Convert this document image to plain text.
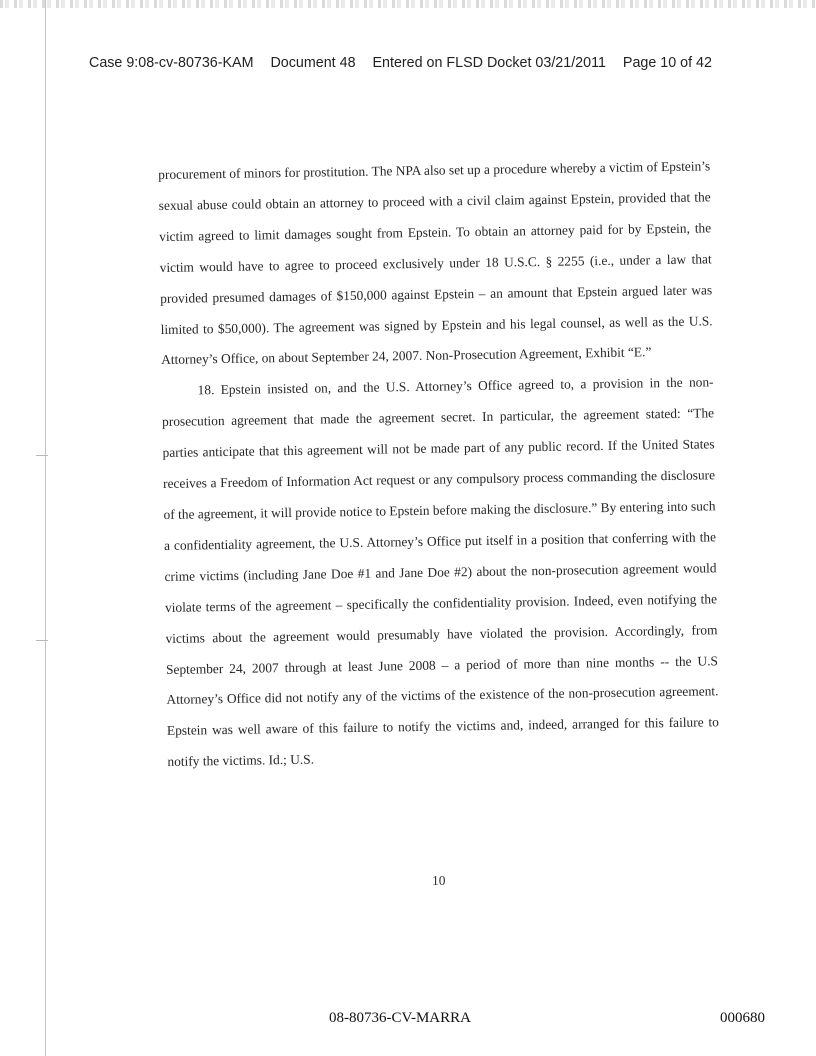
Case 9:08-cv-80736-KAM Document 48 Entered on FLSD Docket 03/21/2011 Page 10 of 42

procurement of minors for prostitution. The NPA also set up a procedure whereby a victim of Epstein’s sexual abuse could obtain an attorney to proceed with a civil claim against Epstein, provided that the victim agreed to limit damages sought from Epstein. To obtain an attorney paid for by Epstein, the victim would have to agree to proceed exclusively under 18 U.S.C. § 2255 (i.e., under a law that provided presumed damages of $150,000 against Epstein – an amount that Epstein argued later was limited to $50,000). The agreement was signed by Epstein and his legal counsel, as well as the U.S. Attorney’s Office, on about September 24, 2007. Non-Prosecution Agreement, Exhibit “E.”

18. Epstein insisted on, and the U.S. Attorney’s Office agreed to, a provision in the non-prosecution agreement that made the agreement secret. In particular, the agreement stated: “The parties anticipate that this agreement will not be made part of any public record. If the United States receives a Freedom of Information Act request or any compulsory process commanding the disclosure of the agreement, it will provide notice to Epstein before making the disclosure.” By entering into such a confidentiality agreement, the U.S. Attorney’s Office put itself in a position that conferring with the crime victims (including Jane Doe #1 and Jane Doe #2) about the non-prosecution agreement would violate terms of the agreement – specifically the confidentiality provision. Indeed, even notifying the victims about the agreement would presumably have violated the provision. Accordingly, from September 24, 2007 through at least June 2008 – a period of more than nine months -- the U.S Attorney’s Office did not notify any of the victims of the existence of the non-prosecution agreement. Epstein was well aware of this failure to notify the victims and, indeed, arranged for this failure to notify the victims. Id.; U.S.

10
08-80736-CV-MARRA	000680
